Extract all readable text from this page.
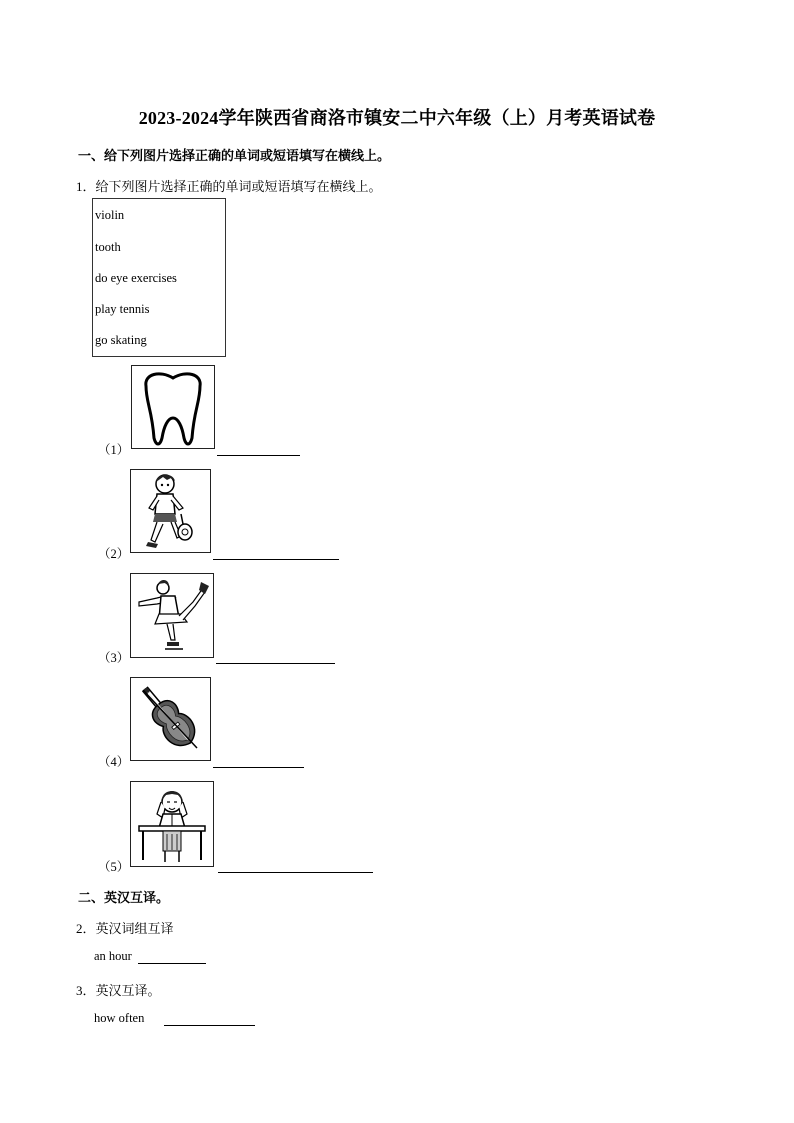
2023-2024学年陕西省商洛市镇安二中六年级（上）月考英语试卷
一、给下列图片选择正确的单词或短语填写在横线上。
1．给下列图片选择正确的单词或短语填写在横线上。
violin
tooth
do eye exercises
play tennis
go skating
（1）
（2）
（3）
（4）
（5）
二、英汉互译。
2．英汉词组互译
an hour
3．英汉互译。
how often
